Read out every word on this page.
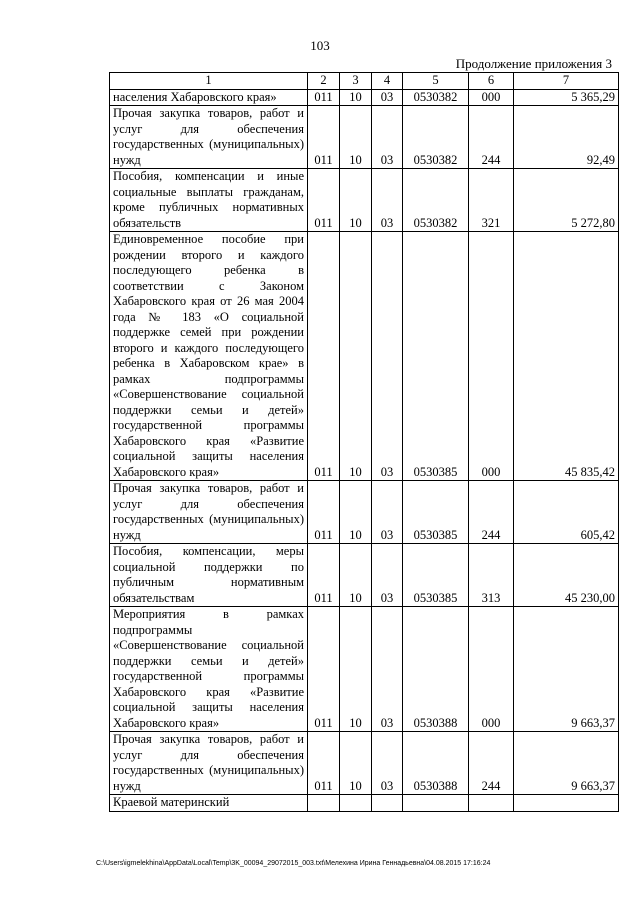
103
Продолжение приложения 3
1	2	3	4	5	6	7
населения Хабаровского края»	011	10	03	0530382	000	5 365,29
Прочая закупка товаров, работ и услуг для обеспечения государственных (муниципальных) нужд	011	10	03	0530382	244	92,49
Пособия, компенсации и иные социальные выплаты гражданам, кроме публичных нормативных обязательств	011	10	03	0530382	321	5 272,80
Единовременное пособие при рождении второго и каждого последующего ребенка в соответствии с Законом Хабаровского края от 26 мая 2004 года № 183 «О социальной поддержке семей при рождении второго и каждого последующего ребенка в Хабаровском крае» в рамках подпрограммы «Совершенствование социальной поддержки семьи и детей» государственной программы Хабаровского края «Развитие социальной защиты населения Хабаровского края»	011	10	03	0530385	000	45 835,42
Прочая закупка товаров, работ и услуг для обеспечения государственных (муниципальных) нужд	011	10	03	0530385	244	605,42
Пособия, компенсации, меры социальной поддержки по публичным нормативным обязательствам	011	10	03	0530385	313	45 230,00
Мероприятия в рамках подпрограммы «Совершенствование социальной поддержки семьи и детей» государственной программы Хабаровского края «Развитие социальной защиты населения Хабаровского края»	011	10	03	0530388	000	9 663,37
Прочая закупка товаров, работ и услуг для обеспечения государственных (муниципальных) нужд	011	10	03	0530388	244	9 663,37
Краевой материнский						
C:\Users\igmelekhina\AppData\Local\Temp\3K_00094_29072015_003.txt\Мелехина Ирина Геннадьевна\04.08.2015 17:16:24
